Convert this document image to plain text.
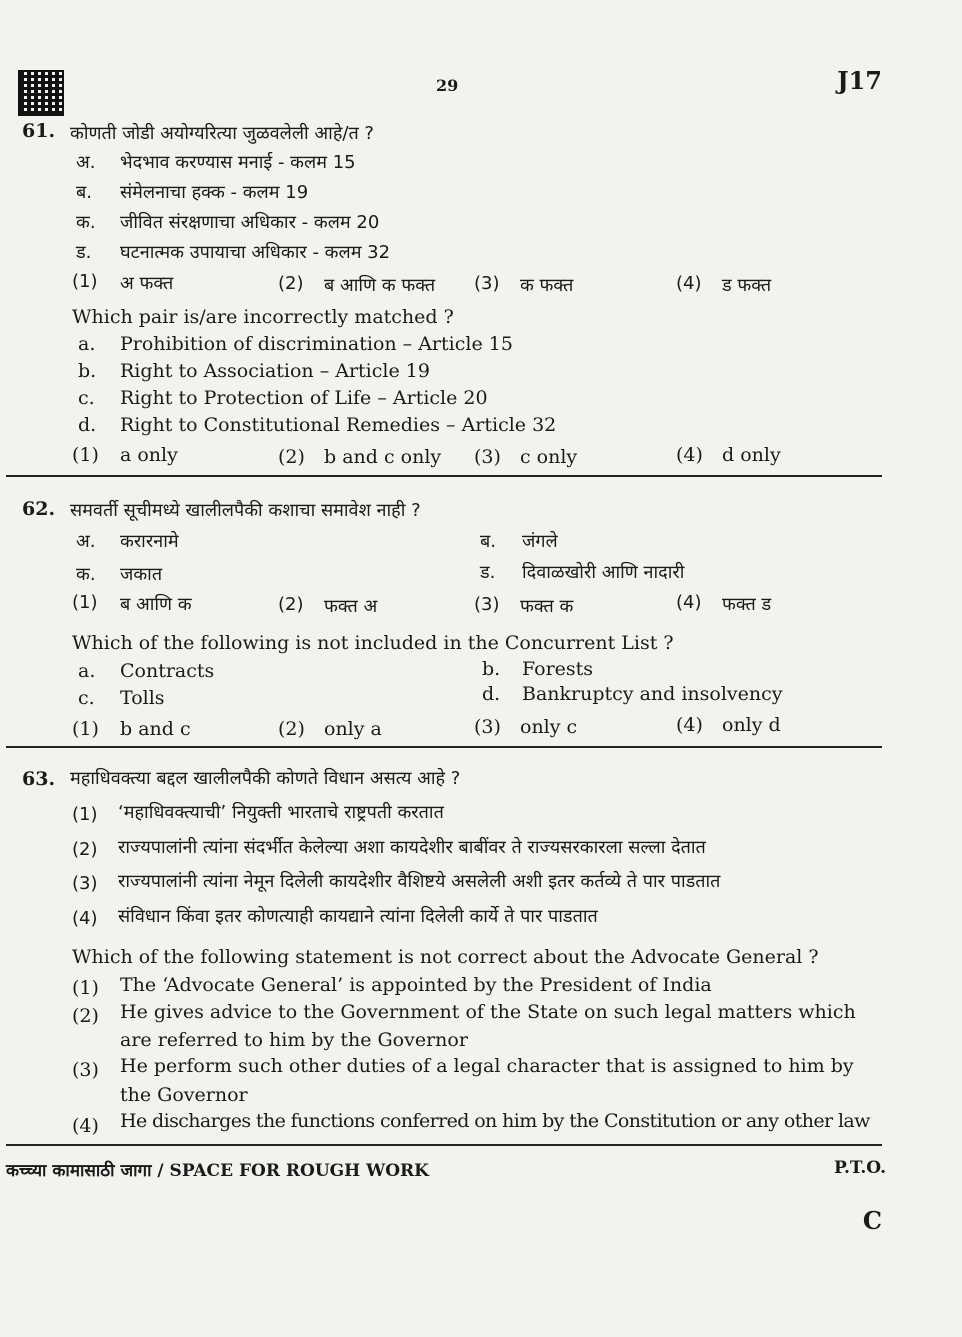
29	J17
61. कोणती जोडी अयोग्यरित्या जुळवलेली आहे/त ?
अ. भेदभाव करण्यास मनाई - कलम 15
ब. संमेलनाचा हक्क - कलम 19
क. जीवित संरक्षणाचा अधिकार - कलम 20
ड. घटनात्मक उपायाचा अधिकार - कलम 32
(1) अ फक्त	(2) ब आणि क फक्त (3) क फक्त	(4) ड फक्त
Which pair is/are incorrectly matched ?
a. Prohibition of discrimination – Article 15
b. Right to Association – Article 19
c. Right to Protection of Life – Article 20
d. Right to Constitutional Remedies – Article 32
(1) a only	(2) b and c only (3) c only	(4) d only
62. समवर्ती सूचीमध्ये खालीलपैकी कशाचा समावेश नाही ?
अ. करारनामे	ब. जंगले
क. जकात	ड. दिवाळखोरी आणि नादारी
(1) ब आणि क	(2) फक्त अ	(3) फक्त क	(4) फक्त ड
Which of the following is not included in the Concurrent List ?
a. Contracts	b. Forests
c. Tolls	d. Bankruptcy and insolvency
(1) b and c	(2) only a	(3) only c	(4) only d
63. महाधिवक्त्या बद्दल खालीलपैकी कोणते विधान असत्य आहे ?
(1) ‘महाधिवक्त्याची’ नियुक्ती भारताचे राष्ट्रपती करतात
(2) राज्यपालांनी त्यांना संदर्भीत केलेल्या अशा कायदेशीर बाबींवर ते राज्यसरकारला सल्ला देतात
(3) राज्यपालांनी त्यांना नेमून दिलेली कायदेशीर वैशिष्टये असलेली अशी इतर कर्तव्ये ते पार पाडतात
(4) संविधान किंवा इतर कोणत्याही कायद्याने त्यांना दिलेली कार्ये ते पार पाडतात
Which of the following statement is not correct about the Advocate General ?
(1) The ‘Advocate General’ is appointed by the President of India
(2) He gives advice to the Government of the State on such legal matters which
are referred to him by the Governor
(3) He perform such other duties of a legal character that is assigned to him by
the Governor
(4) He discharges the functions conferred on him by the Constitution or any other law
कच्च्या कामासाठी जागा / SPACE FOR ROUGH WORK	P.T.O.
C
